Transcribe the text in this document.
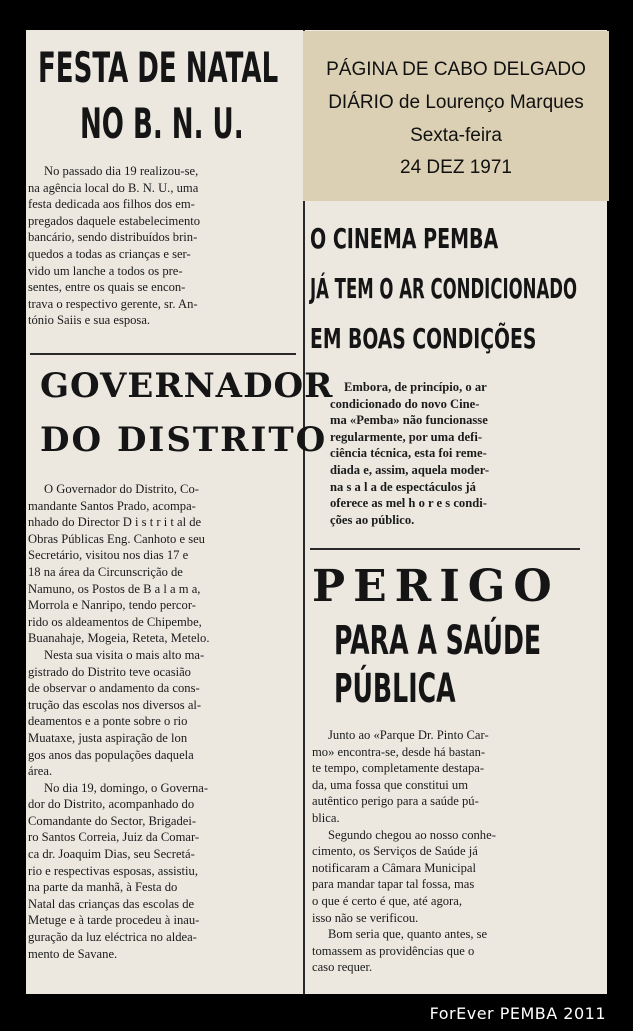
FESTA DE NATAL
NO B. N. U.
No passado dia 19 realizou-se,
na agência local do B. N. U., uma
festa dedicada aos filhos dos em-
pregados daquele estabelecimento
bancário, sendo distribuídos brin-
quedos a todas as crianças e ser-
vido um lanche a todos os pre-
sentes, entre os quais se encon-
trava o respectivo gerente, sr. An-
tónio Saiis e sua esposa.
GOVERNADOR
DO DISTRITO
O Governador do Distrito, Co-
mandante Santos Prado, acompa-
nhado do Director D i s t r i t al de
Obras Públicas Eng. Canhoto e seu
Secretário, visitou nos dias 17 e
18 na área da Circunscrição de
Namuno, os Postos de B a l a m a,
Morrola e Nanripo, tendo percor-
rido os aldeamentos de Chipembe,
Buanahaje, Mogeia, Reteta, Metelo.
Nesta sua visita o mais alto ma-
gistrado do Distrito teve ocasião
de observar o andamento da cons-
trução das escolas nos diversos al-
deamentos e a ponte sobre o rio
Muataxe, justa aspiração de lon
gos anos das populações daquela
área.
No dia 19, domingo, o Governa-
dor do Distrito, acompanhado do
Comandante do Sector, Brigadei-
ro Santos Correia, Juiz da Comar-
ca dr. Joaquim Dias, seu Secretá-
rio e respectivas esposas, assistiu,
na parte da manhã, à Festa do
Natal das crianças das escolas de
Metuge e à tarde procedeu à inau-
guração da luz eléctrica no aldea-
mento de Savane.
PÁGINA DE CABO DELGADO
DIÁRIO de Lourenço Marques
Sexta-feira
24 DEZ 1971
O CINEMA PEMBA
JÁ TEM O AR CONDICIONADO
EM BOAS CONDIÇÕES
Embora, de princípio, o ar
condicionado do novo Cine-
ma «Pemba» não funcionasse
regularmente, por uma defi-
ciência técnica, esta foi reme-
diada e, assim, aquela moder-
na s a l a de espectáculos já
oferece as mel h o r e s condi-
ções ao público.
PERIGO
PARA A SAÚDE
PÚBLICA
Junto ao «Parque Dr. Pinto Car-
mo» encontra-se, desde há bastan-
te tempo, completamente destapa-
da, uma fossa que constitui um
autêntico perigo para a saúde pú-
blica.
Segundo chegou ao nosso conhe-
cimento, os Serviços de Saúde já
notificaram a Câmara Municipal
para mandar tapar tal fossa, mas
o que é certo é que, até agora,
isso não se verificou.
Bom seria que, quanto antes, se
tomassem as providências que o
caso requer.
ForEver PEMBA 2011
